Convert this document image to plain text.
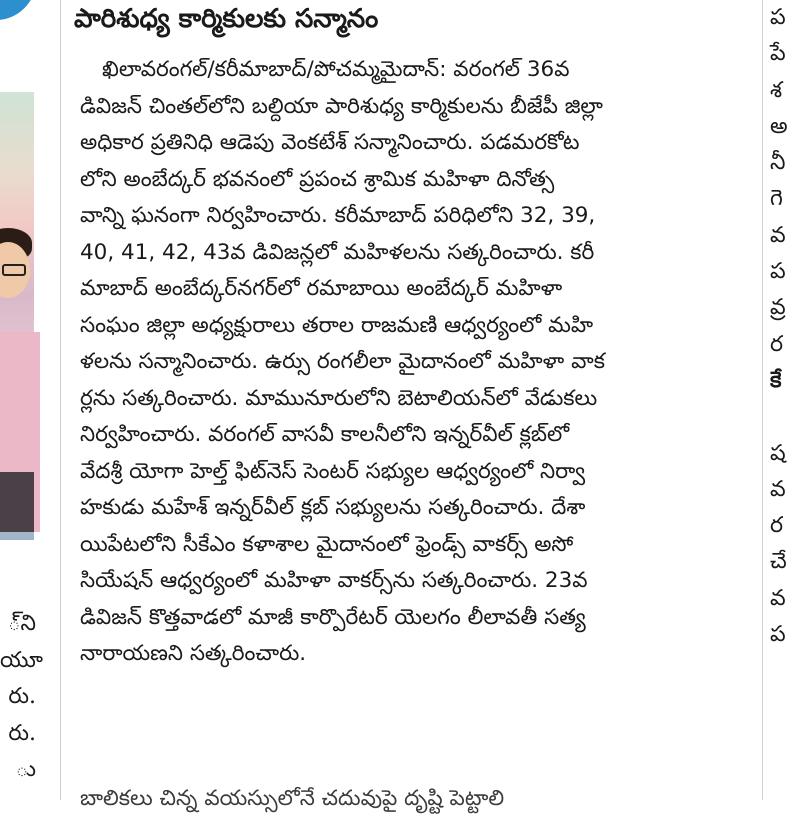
్‌ని
యూ
రు.
రు.
ు
పారిశుధ్య కార్మికులకు సన్మానం
ఖిలావరంగల్/కరీమాబాద్/పోచమ్మమైదాన్: వరంగల్ 36వ
డివిజన్ చింతల్‌లోని బల్దియా పారిశుధ్య కార్మికులను బీజేపీ జిల్లా
అధికార ప్రతినిధి ఆడెపు వెంకటేశ్ సన్మానించారు. పడమరకోట
లోని అంబేద్కర్ భవనంలో ప్రపంచ శ్రామిక మహిళా దినోత్స
వాన్ని ఘనంగా నిర్వహించారు. కరీమాబాద్ పరిధిలోని 32, 39,
40, 41, 42, 43వ డివిజన్లలో మహిళలను సత్కరించారు. కరీ
మాబాద్ అంబేద్కర్‌నగర్‌లో రమాబాయి అంబేద్కర్ మహిళా
సంఘం జిల్లా అధ్యక్షురాలు తరాల రాజమణి ఆధ్వర్యంలో మహి
ళలను సన్మానించారు. ఉర్సు రంగలీలా మైదానంలో మహిళా వాక
ర్లను సత్కరించారు. మామునూరులోని బెటాలియన్‌లో వేడుకలు
నిర్వహించారు. వరంగల్ వాసవీ కాలనీలోని ఇన్నర్‌వీల్ క్లబ్‌లో
వేదశ్రీ యోగా హెల్త్ ఫిట్‌నెస్ సెంటర్ సభ్యుల ఆధ్వర్యంలో నిర్వా
హకుడు మహేశ్ ఇన్నర్‌వీల్ క్లబ్ సభ్యులను సత్కరించారు. దేశా
యిపేటలోని సీకేఎం కళాశాల మైదానంలో ఫ్రెండ్స్ వాకర్స్ అసో
సియేషన్ ఆధ్వర్యంలో మహిళా వాకర్స్‌ను సత్కరించారు. 23వ
డివిజన్ కొత్తవాడలో మాజీ కార్పొరేటర్ యెలగం లీలావతీ సత్య
నారాయణని సత్కరించారు.
బాలికలు చిన్న వయస్సులోనే చదువుపై దృష్టి పెట్టాలి
ప
పే
శ
అ
నీ
గె
వ
ప
వ్ర
ర
కే
ష
వ
ర
చే
వ
ప
